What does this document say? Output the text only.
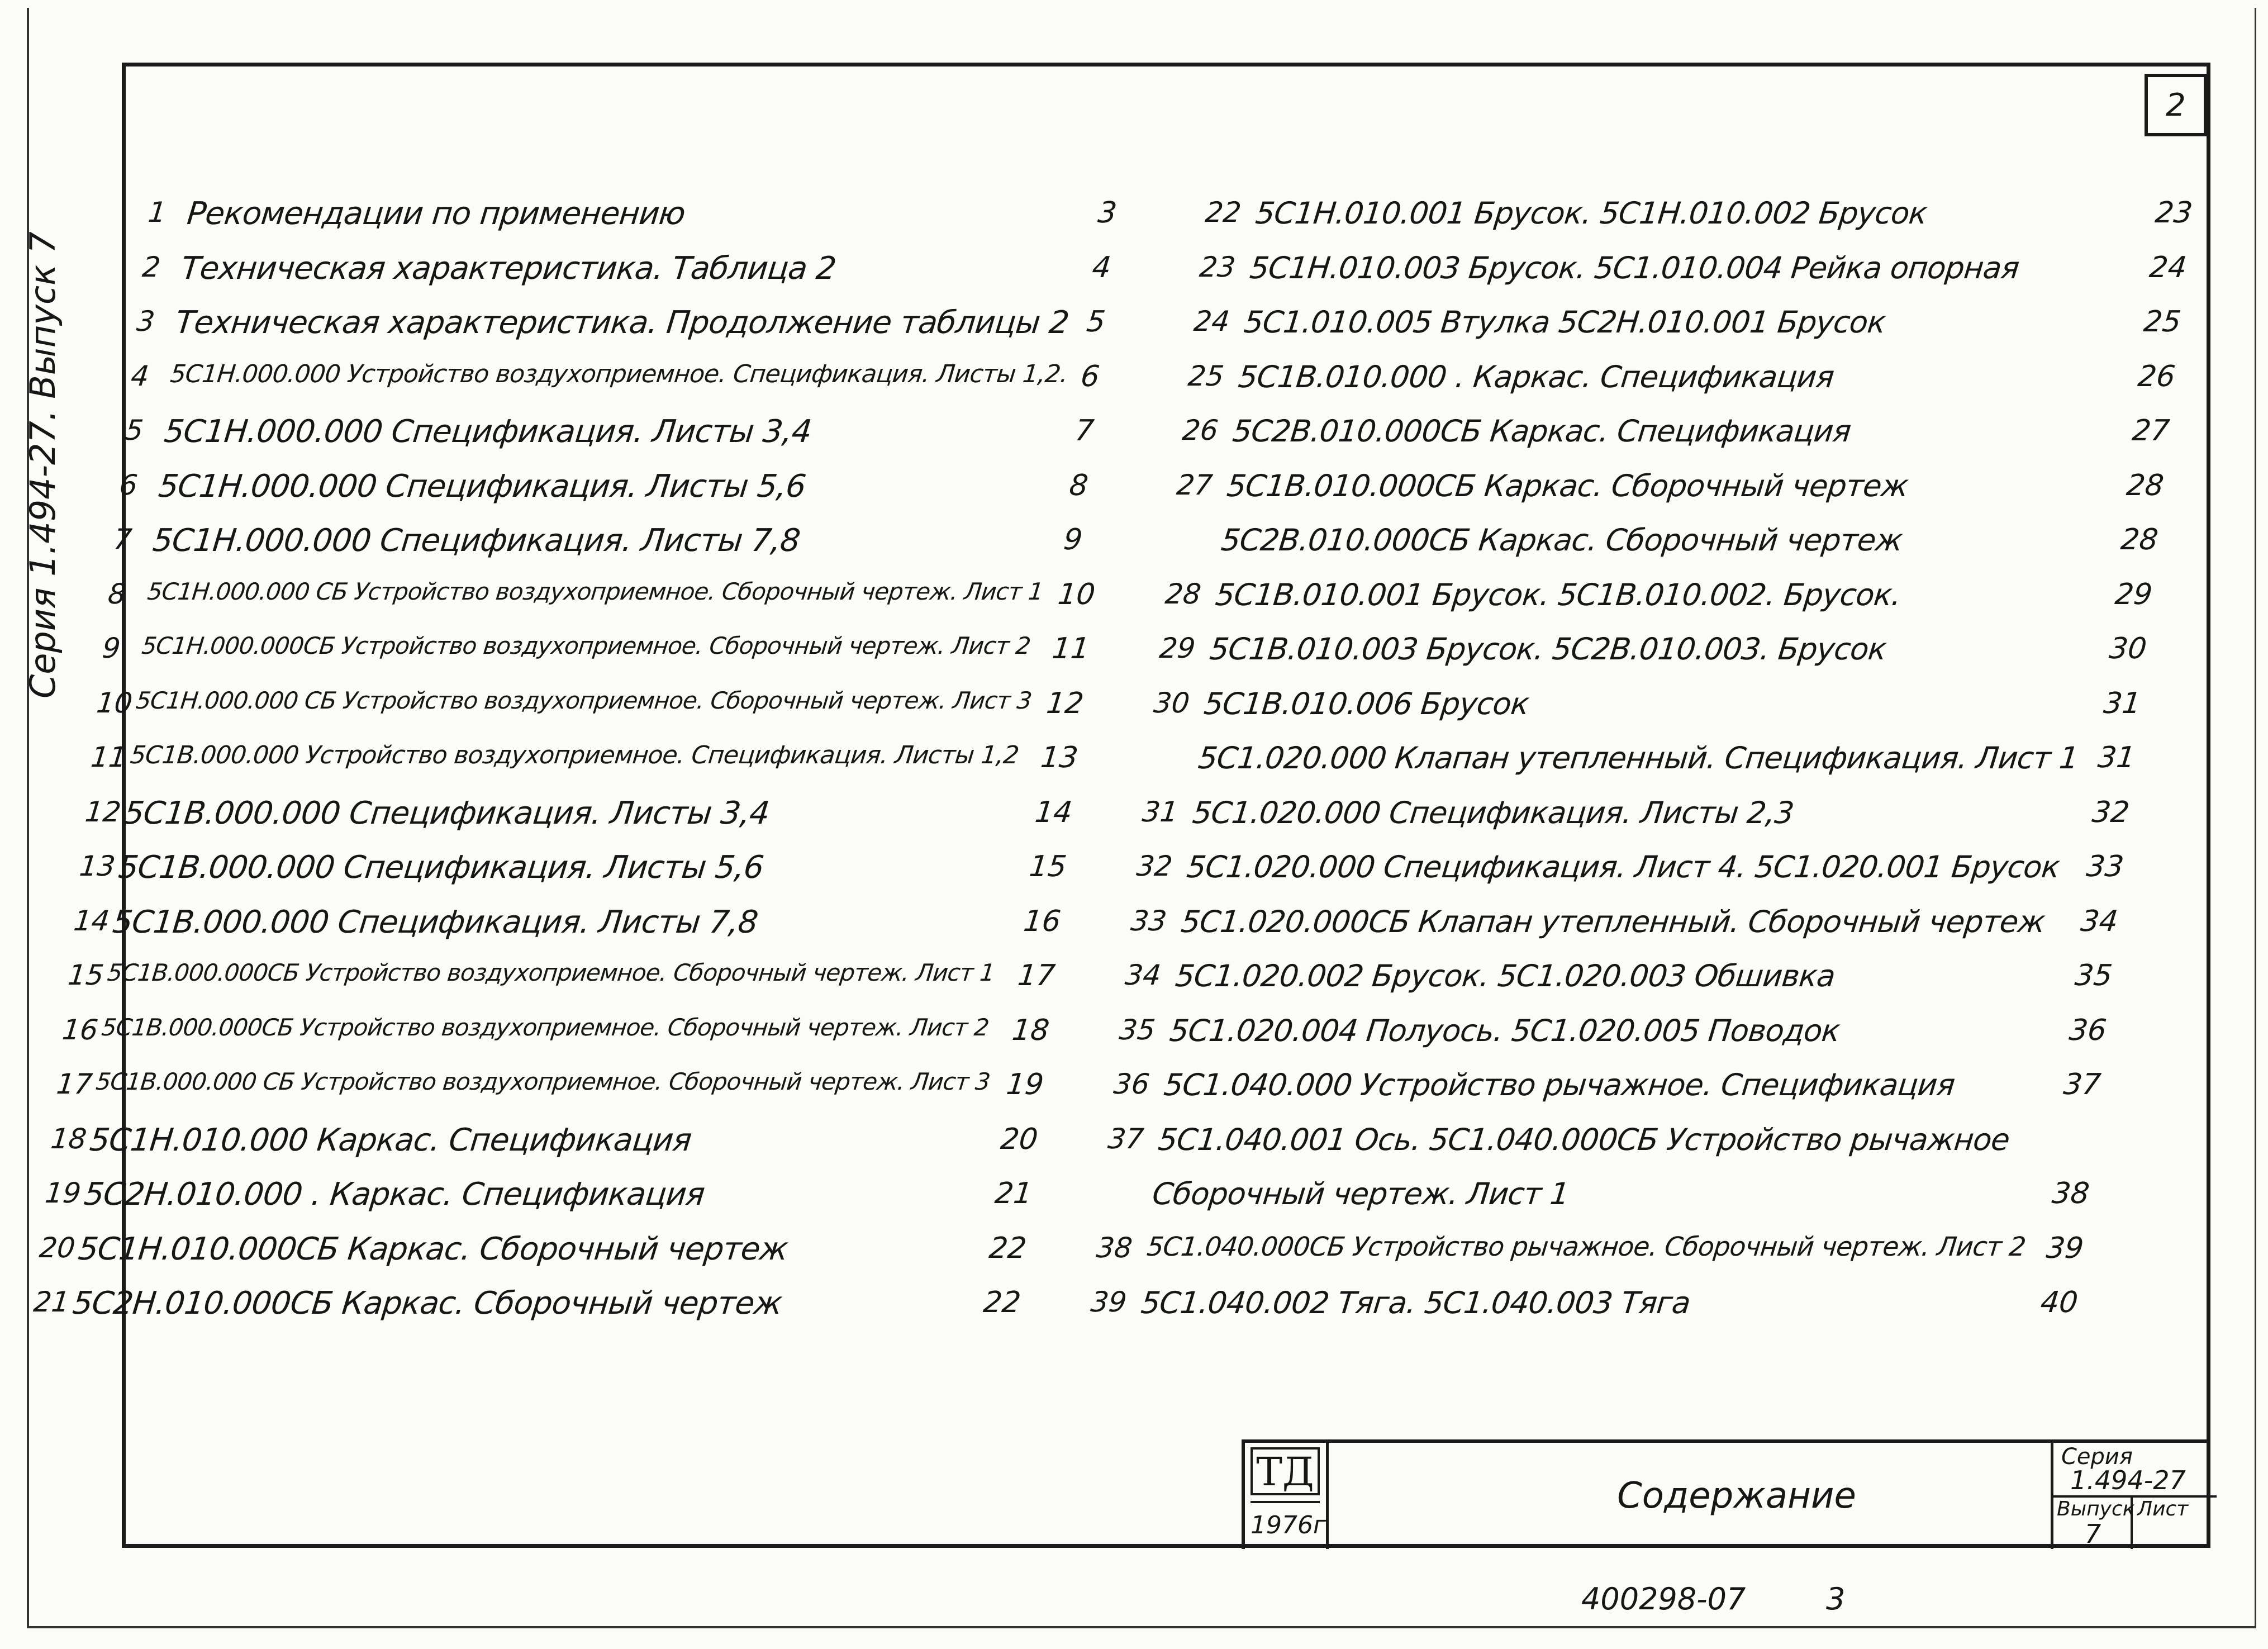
2
Серия 1.494-27. Выпуск 7
1 Рекомендации по применению	3
2 Техническая характеристика. Таблица 2	4
3 Техническая характеристика. Продолжение таблицы 2 5
4 5С1Н.000.000 Устройство воздухоприемное. Спецификация. Листы 1,2. 6
5 5С1Н.000.000 Спецификация. Листы 3,4	7
6 5С1Н.000.000 Спецификация. Листы 5,6	8
7 5С1Н.000.000 Спецификация. Листы 7,8	9
8 5С1Н.000.000 СБ Устройство воздухоприемное. Сборочный чертеж. Лист 1 10
9 5С1Н.000.000СБ Устройство воздухоприемное. Сборочный чертеж. Лист 2 11
10 5С1Н.000.000 СБ Устройство воздухоприемное. Сборочный чертеж. Лист 3 12
11 5С1В.000.000 Устройство воздухоприемное. Спецификация. Листы 1,2 13
12 5С1В.000.000 Спецификация. Листы 3,4	14
13 5С1В.000.000 Спецификация. Листы 5,6	15
14 5С1В.000.000 Спецификация. Листы 7,8	16
15 5С1В.000.000СБ Устройство воздухоприемное. Сборочный чертеж. Лист 1 17
16 5С1В.000.000СБ Устройство воздухоприемное. Сборочный чертеж. Лист 2 18
17 5С1В.000.000 СБ Устройство воздухоприемное. Сборочный чертеж. Лист 3 19
18 5С1Н.010.000 Каркас. Спецификация	20
19 5С2Н.010.000 . Каркас. Спецификация	21
20 5С1Н.010.000СБ Каркас. Сборочный чертеж	22
21 5С2Н.010.000СБ Каркас. Сборочный чертеж	22
22 5С1Н.010.001 Брусок. 5С1Н.010.002 Брусок	23
23 5С1Н.010.003 Брусок. 5С1.010.004 Рейка опорная	24
24 5С1.010.005 Втулка 5С2Н.010.001 Брусок	25
25 5С1В.010.000 . Каркас. Спецификация	26
26 5С2В.010.000СБ Каркас. Спецификация	27
27 5С1В.010.000СБ Каркас. Сборочный чертеж	28
5С2В.010.000СБ Каркас. Сборочный чертеж	28
28 5С1В.010.001 Брусок. 5С1В.010.002. Брусок.	29
29 5С1В.010.003 Брусок. 5С2В.010.003. Брусок	30
30 5С1В.010.006 Брусок	31
5С1.020.000 Клапан утепленный. Спецификация. Лист 1 31
31 5С1.020.000 Спецификация. Листы 2,3	32
32 5С1.020.000 Спецификация. Лист 4. 5С1.020.001 Брусок 33
33 5С1.020.000СБ Клапан утепленный. Сборочный чертеж 34
34 5С1.020.002 Брусок. 5С1.020.003 Обшивка	35
35 5С1.020.004 Полуось. 5С1.020.005 Поводок	36
36 5С1.040.000 Устройство рычажное. Спецификация	37
37 5С1.040.001 Ось. 5С1.040.000СБ Устройство рычажное
Сборочный чертеж. Лист 1	38
38 5С1.040.000СБ Устройство рычажное. Сборочный чертеж. Лист 2 39
39 5С1.040.002 Тяга. 5С1.040.003 Тяга	40
ТД
1976г
Содержание
Серия
1.494-27
Выпуск Лист
7
400298-07	3
